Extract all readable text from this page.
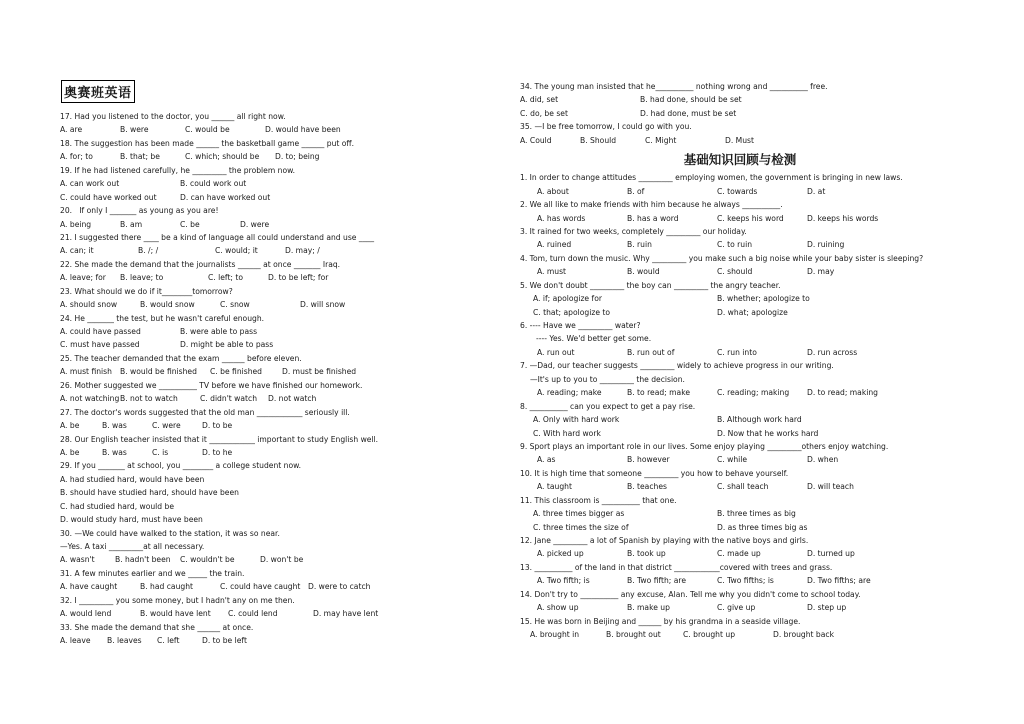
奥赛班英语
17. Had you listened to the doctor, you ______ all right now.
A. are	B. were	C. would be	D. would have been
18. The suggestion has been made ______ the basketball game ______ put off.
A. for; to	B. that; be	C. which; should be D. to; being
19. If he had listened carefully, he _________ the problem now.
A. can work out	B. could work out
C. could have worked out	D. can have worked out
20.   If only I _______ as young as you are!
A. being	B. am	C. be	D. were
21. I suggested there ____ be a kind of language all could understand and use ____
A. can; it	B. /; /	C. would; it	D. may; /
22. She made the demand that the journalists ______ at once _______ Iraq.
A. leave; for B. leave; to	C. left; to	D. to be left; for
23. What should we do if it________tomorrow?
A. should snow	B. would snow	C. snow	D. will snow
24. He _______ the test, but he wasn't careful enough.
A. could have passed	B. were able to pass
C. must have passed	D. might be able to pass
25. The teacher demanded that the exam ______ before eleven.
A. must finish B. would be finished C. be finished	D. must be finished
26. Mother suggested we __________ TV before we have finished our homework.
A. not watchingB. not to watch	C. didn't watch D. not watch
27. The doctor's words suggested that the old man ____________ seriously ill.
A. be	B. was	C. were	D. to be
28. Our English teacher insisted that it ____________ important to study English well.
A. be	B. was	C. is	D. to he
29. If you _______ at school, you ________ a college student now.
A. had studied hard, would have been
B. should have studied hard, should have been
C. had studied hard, would be
D. would study hard, must have been
30. —We could have walked to the station, it was so near.
—Yes. A taxi _________at all necessary.
A. wasn't	B. hadn't been C. wouldn't be	D. won't be
31. A few minutes earlier and we _____ the train.
A. have caught	B. had caught	C. could have caught D. were to catch
32. I _________ you some money, but I hadn't any on me then.
A. would lend	B. would have lent C. could lend	D. may have lent
33. She made the demand that she ______ at once.
A. leave B. leaves C. left	D. to be left
34. The young man insisted that he__________ nothing wrong and __________ free.
A. did, set	B. had done, should be set
C. do, be set	D. had done, must be set
35. —I be free tomorrow, I could go with you.
A. Could	B. Should	C. Might	D. Must
基础知识回顾与检测
1. In order to change attitudes _________ employing women, the government is bringing in new laws.
A. about	B. of	C. towards	D. at
2. We all like to make friends with him because he always __________.
A. has words	B. has a word	C. keeps his word	D. keeps his words
3. It rained for two weeks, completely _________ our holiday.
A. ruined	B. ruin	C. to ruin	D. ruining
4. Tom, turn down the music. Why _________ you make such a big noise while your baby sister is sleeping?
A. must	B. would	C. should	D. may
5. We don't doubt _________ the boy can _________ the angry teacher.
A. if; apologize for	B. whether; apologize to
C. that; apologize to	D. what; apologize
6. ---- Have we _________ water?
---- Yes. We'd better get some.
A. run out	B. run out of	C. run into	D. run across
7. —Dad, our teacher suggests _________ widely to achieve progress in our writing.
—It's up to you to _________ the decision.
A. reading; make	B. to read; make	C. reading; making D. to read; making
8. __________ can you expect to get a pay rise.
A. Only with hard work	B. Although work hard
C. With hard work	D. Now that he works hard
9. Sport plays an important role in our lives. Some enjoy playing _________others enjoy watching.
A. as	B. however	C. while	D. when
10. It is high time that someone _________ you how to behave yourself.
A. taught	B. teaches	C. shall teach	D. will teach
11. This classroom is __________ that one.
A. three times bigger as	B. three times as big
C. three times the size of	D. as three times big as
12. Jane _________ a lot of Spanish by playing with the native boys and girls.
A. picked up	B. took up	C. made up	D. turned up
13. __________ of the land in that district ____________covered with trees and grass.
A. Two fifth; is	B. Two fifth; are	C. Two fifths; is	D. Two fifths; are
14. Don't try to __________ any excuse, Alan. Tell me why you didn't come to school today.
A. show up	B. make up	C. give up	D. step up
15. He was born in Beijing and ______ by his grandma in a seaside village.
A. brought in	B. brought out	C. brought up	D. brought back
